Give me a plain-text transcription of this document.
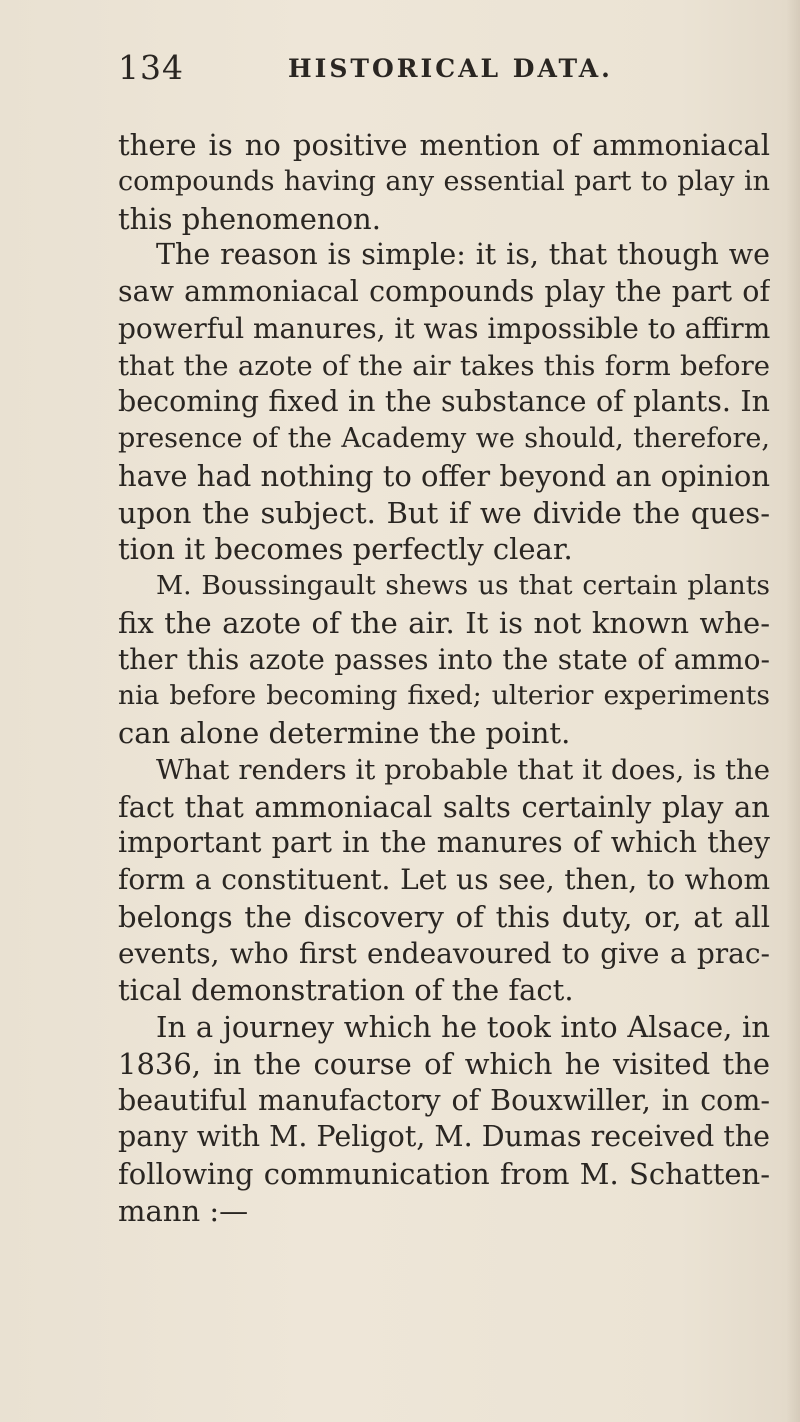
134	HISTORICAL DATA.
there is no positive mention of ammoniacal
compounds having any essential part to play in
this phenomenon.
The reason is simple: it is, that though we
saw ammoniacal compounds play the part of
powerful manures, it was impossible to affirm
that the azote of the air takes this form before
becoming fixed in the substance of plants. In
presence of the Academy we should, therefore,
have had nothing to offer beyond an opinion
upon the subject. But if we divide the ques-
tion it becomes perfectly clear.
M. Boussingault shews us that certain plants
fix the azote of the air. It is not known whe-
ther this azote passes into the state of ammo-
nia before becoming fixed; ulterior experiments
can alone determine the point.
What renders it probable that it does, is the
fact that ammoniacal salts certainly play an
important part in the manures of which they
form a constituent. Let us see, then, to whom
belongs the discovery of this duty, or, at all
events, who first endeavoured to give a prac-
tical demonstration of the fact.
In a journey which he took into Alsace, in
1836, in the course of which he visited the
beautiful manufactory of Bouxwiller, in com-
pany with M. Peligot, M. Dumas received the
following communication from M. Schatten-
mann :—
